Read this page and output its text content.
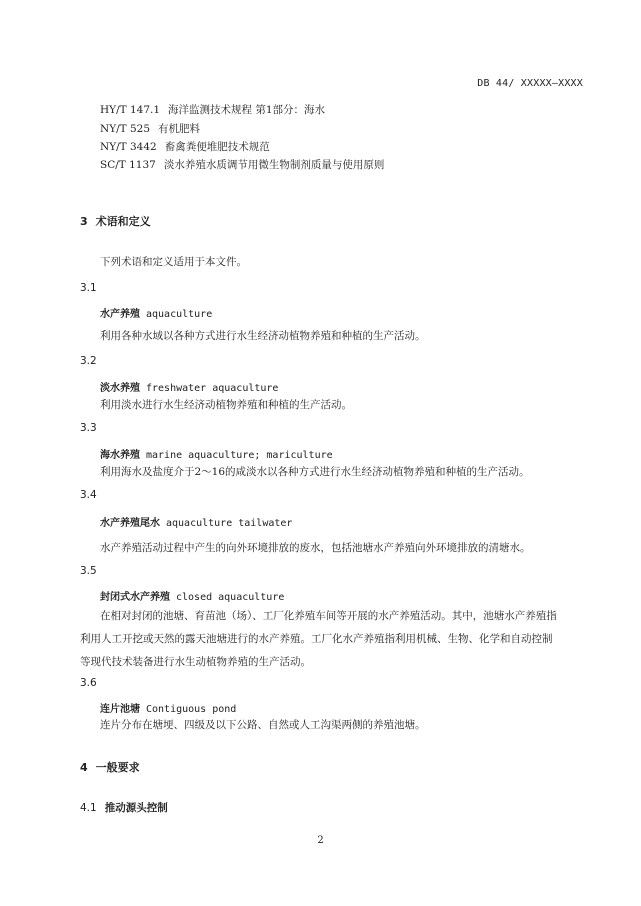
DB 44/ XXXXX—XXXX
HY/T 147.1 海洋监测技术规程 第1部分：海水
NY/T 525 有机肥料
NY/T 3442 畜禽粪便堆肥技术规范
SC/T 1137 淡水养殖水质调节用微生物制剂质量与使用原则
3 术语和定义
下列术语和定义适用于本文件。
3.1
水产养殖 aquaculture
利用各种水域以各种方式进行水生经济动植物养殖和种植的生产活动。
3.2
淡水养殖 freshwater aquaculture
利用淡水进行水生经济动植物养殖和种植的生产活动。
3.3
海水养殖 marine aquaculture; mariculture
利用海水及盐度介于2～16的咸淡水以各种方式进行水生经济动植物养殖和种植的生产活动。
3.4
水产养殖尾水 aquaculture tailwater
水产养殖活动过程中产生的向外环境排放的废水，包括池塘水产养殖向外环境排放的清塘水。
3.5
封闭式水产养殖 closed aquaculture
在相对封闭的池塘、育苗池（场）、工厂化养殖车间等开展的水产养殖活动。其中，池塘水产养殖指利用人工开挖或天然的露天池塘进行的水产养殖。工厂化水产养殖指利用机械、生物、化学和自动控制等现代技术装备进行水生动植物养殖的生产活动。
3.6
连片池塘 Contiguous pond
连片分布在塘埂、四级及以下公路、自然或人工沟渠两侧的养殖池塘。
4 一般要求
4.1 推动源头控制
2
